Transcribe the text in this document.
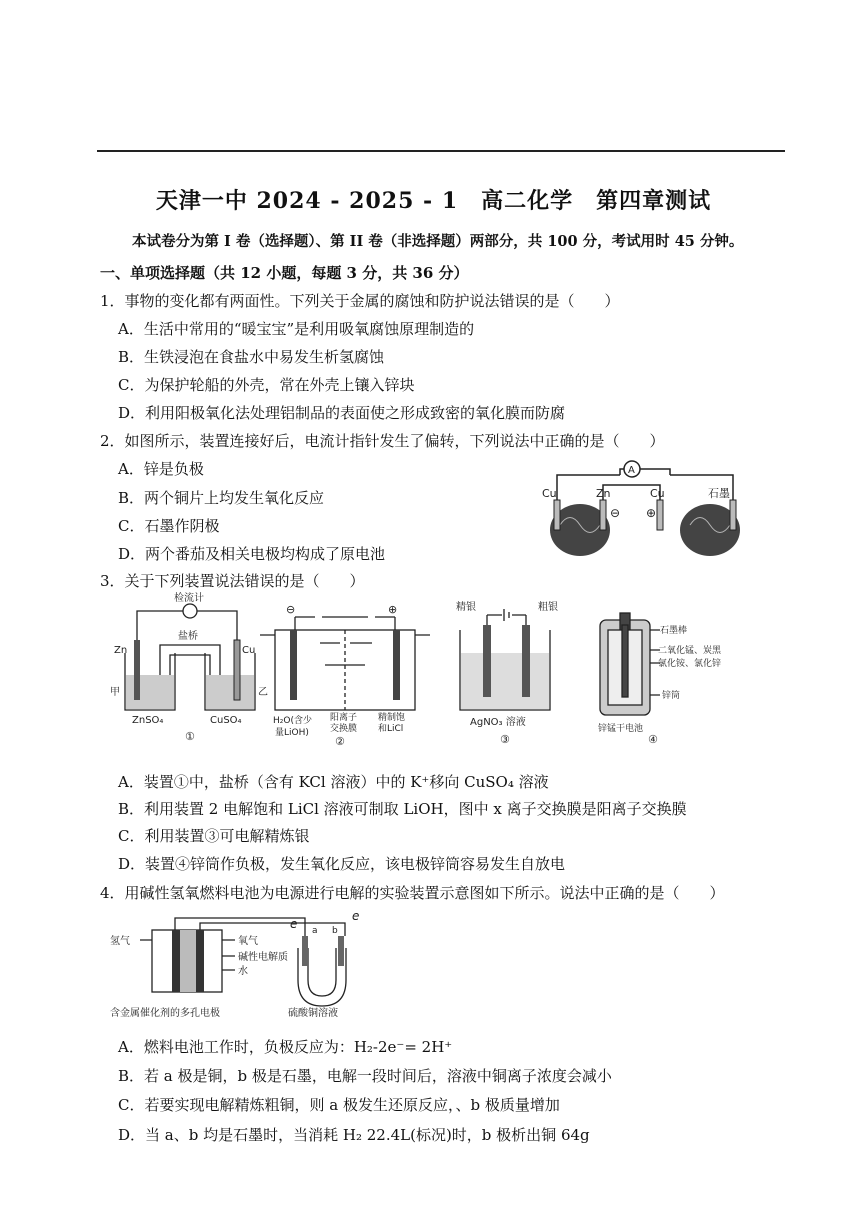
天津一中 2024 - 2025 - 1　高二化学　第四章测试
本试卷分为第 I 卷（选择题）、第 II 卷（非选择题）两部分，共 100 分，考试用时 45 分钟。
一、单项选择题（共 12 小题，每题 3 分，共 36 分）
1．事物的变化都有两面性。下列关于金属的腐蚀和防护说法错误的是（　　）
A．生活中常用的“暖宝宝”是利用吸氧腐蚀原理制造的
B．生铁浸泡在食盐水中易发生析氢腐蚀
C．为保护轮船的外壳，常在外壳上镶入锌块
D．利用阳极氧化法处理铝制品的表面使之形成致密的氧化膜而防腐
2．如图所示，装置连接好后，电流计指针发生了偏转，下列说法中正确的是（　　）
A．锌是负极
B．两个铜片上均发生氧化反应
C．石墨作阴极
D．两个番茄及相关电极均构成了原电池
A
Cu	Zn	Cu	石墨
⊖ ⊕
3．关于下列装置说法错误的是（　　）
检流计
盐桥
Zn	Cu
甲	乙
ZnSO₄	CuSO₄
①
⊖	⊕
H₂O(含少
量LiOH)
阳离子
交换膜
精制饱
和LiCl
②
精银	粗银
AgNO₃ 溶液
③
石墨棒
二氧化锰、炭黑
氯化铵、氯化锌
锌筒
锌锰干电池
④
A．装置①中，盐桥（含有 KCl 溶液）中的 K⁺移向 CuSO₄ 溶液
B．利用装置 2 电解饱和 LiCl 溶液可制取 LiOH，图中 x 离子交换膜是阳离子交换膜
C．利用装置③可电解精炼银
D．装置④锌筒作负极，发生氧化反应，该电极锌筒容易发生自放电
4．用碱性氢氧燃料电池为电源进行电解的实验装置示意图如下所示。说法中正确的是（　　）
氢气	氧气
碱性电解质
水
含金属催化剂的多孔电极	硫酸铜溶液
a b
e
e
A．燃料电池工作时，负极反应为：H₂-2e⁻= 2H⁺
B．若 a 极是铜，b 极是石墨，电解一段时间后，溶液中铜离子浓度会减小
C．若要实现电解精炼粗铜，则 a 极发生还原反应，、b 极质量增加
D．当 a、b 均是石墨时，当消耗 H₂ 22.4L(标况)时，b 极析出铜 64g
